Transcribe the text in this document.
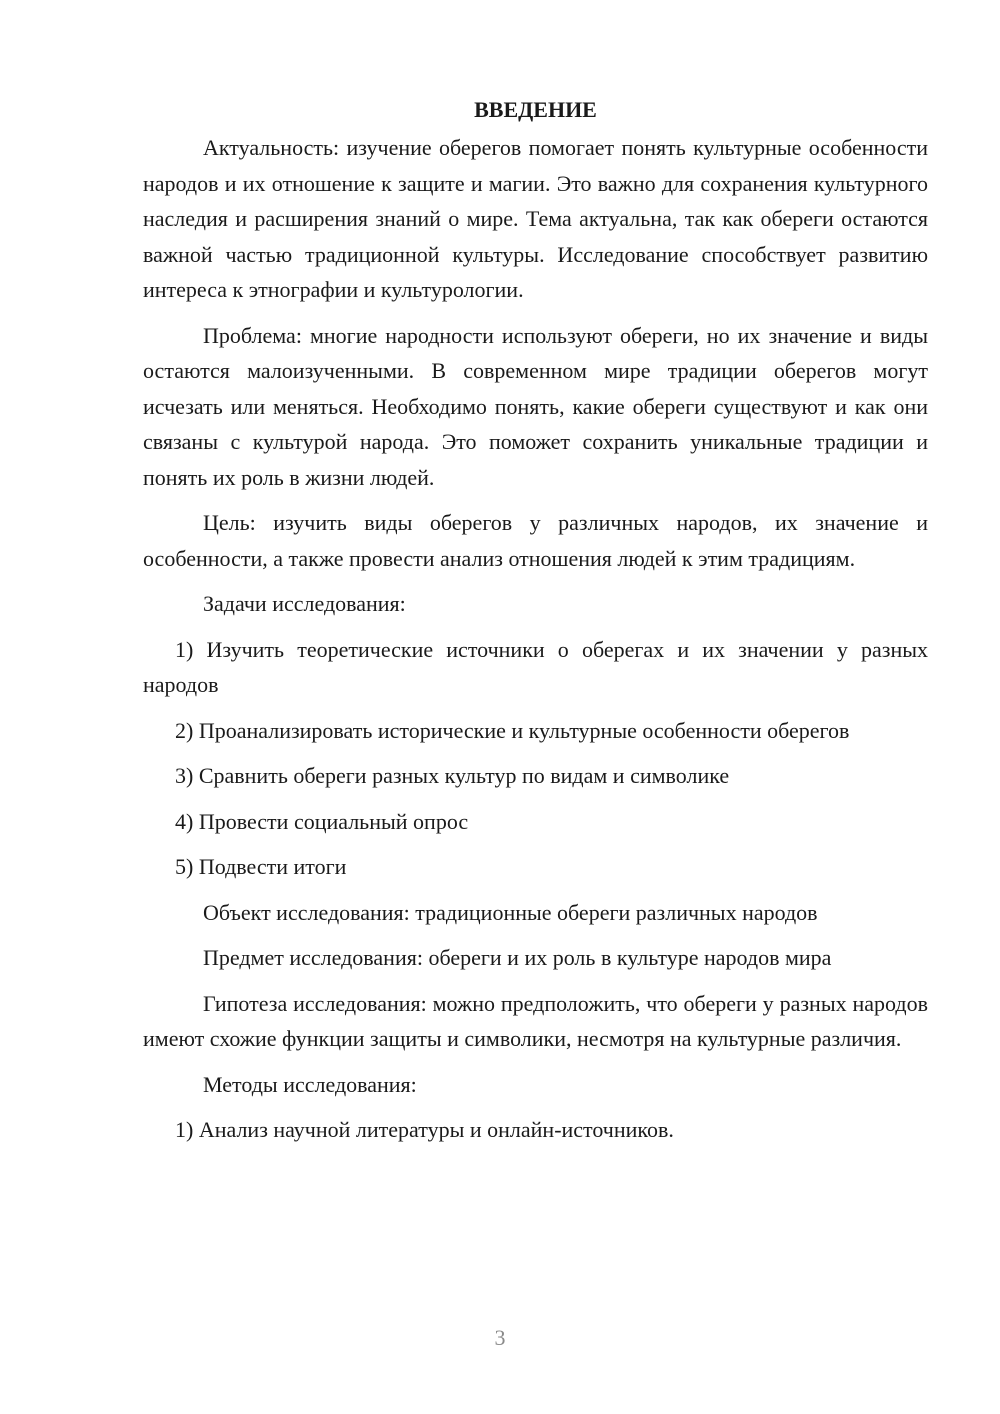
ВВЕДЕНИЕ

Актуальность: изучение оберегов помогает понять культурные особенности народов и их отношение к защите и магии. Это важно для сохранения культурного наследия и расширения знаний о мире. Тема актуальна, так как обереги остаются важной частью традиционной культуры. Исследование способствует развитию интереса к этнографии и культурологии.

Проблема: многие народности используют обереги, но их значение и виды остаются малоизученными. В современном мире традиции оберегов могут исчезать или меняться. Необходимо понять, какие обереги существуют и как они связаны с культурой народа. Это поможет сохранить уникальные традиции и понять их роль в жизни людей.

Цель: изучить виды оберегов у различных народов, их значение и особенности, а также провести анализ отношения людей к этим традициям.

Задачи исследования:

1) Изучить теоретические источники о оберегах и их значении у разных народов

2) Проанализировать исторические и культурные особенности оберегов

3) Сравнить обереги разных культур по видам и символике

4) Провести социальный опрос

5) Подвести итоги

Объект исследования: традиционные обереги различных народов

Предмет исследования: обереги и их роль в культуре народов мира

Гипотеза исследования: можно предположить, что обереги у разных народов имеют схожие функции защиты и символики, несмотря на культурные различия.

Методы исследования:

1) Анализ научной литературы и онлайн-источников.

3
